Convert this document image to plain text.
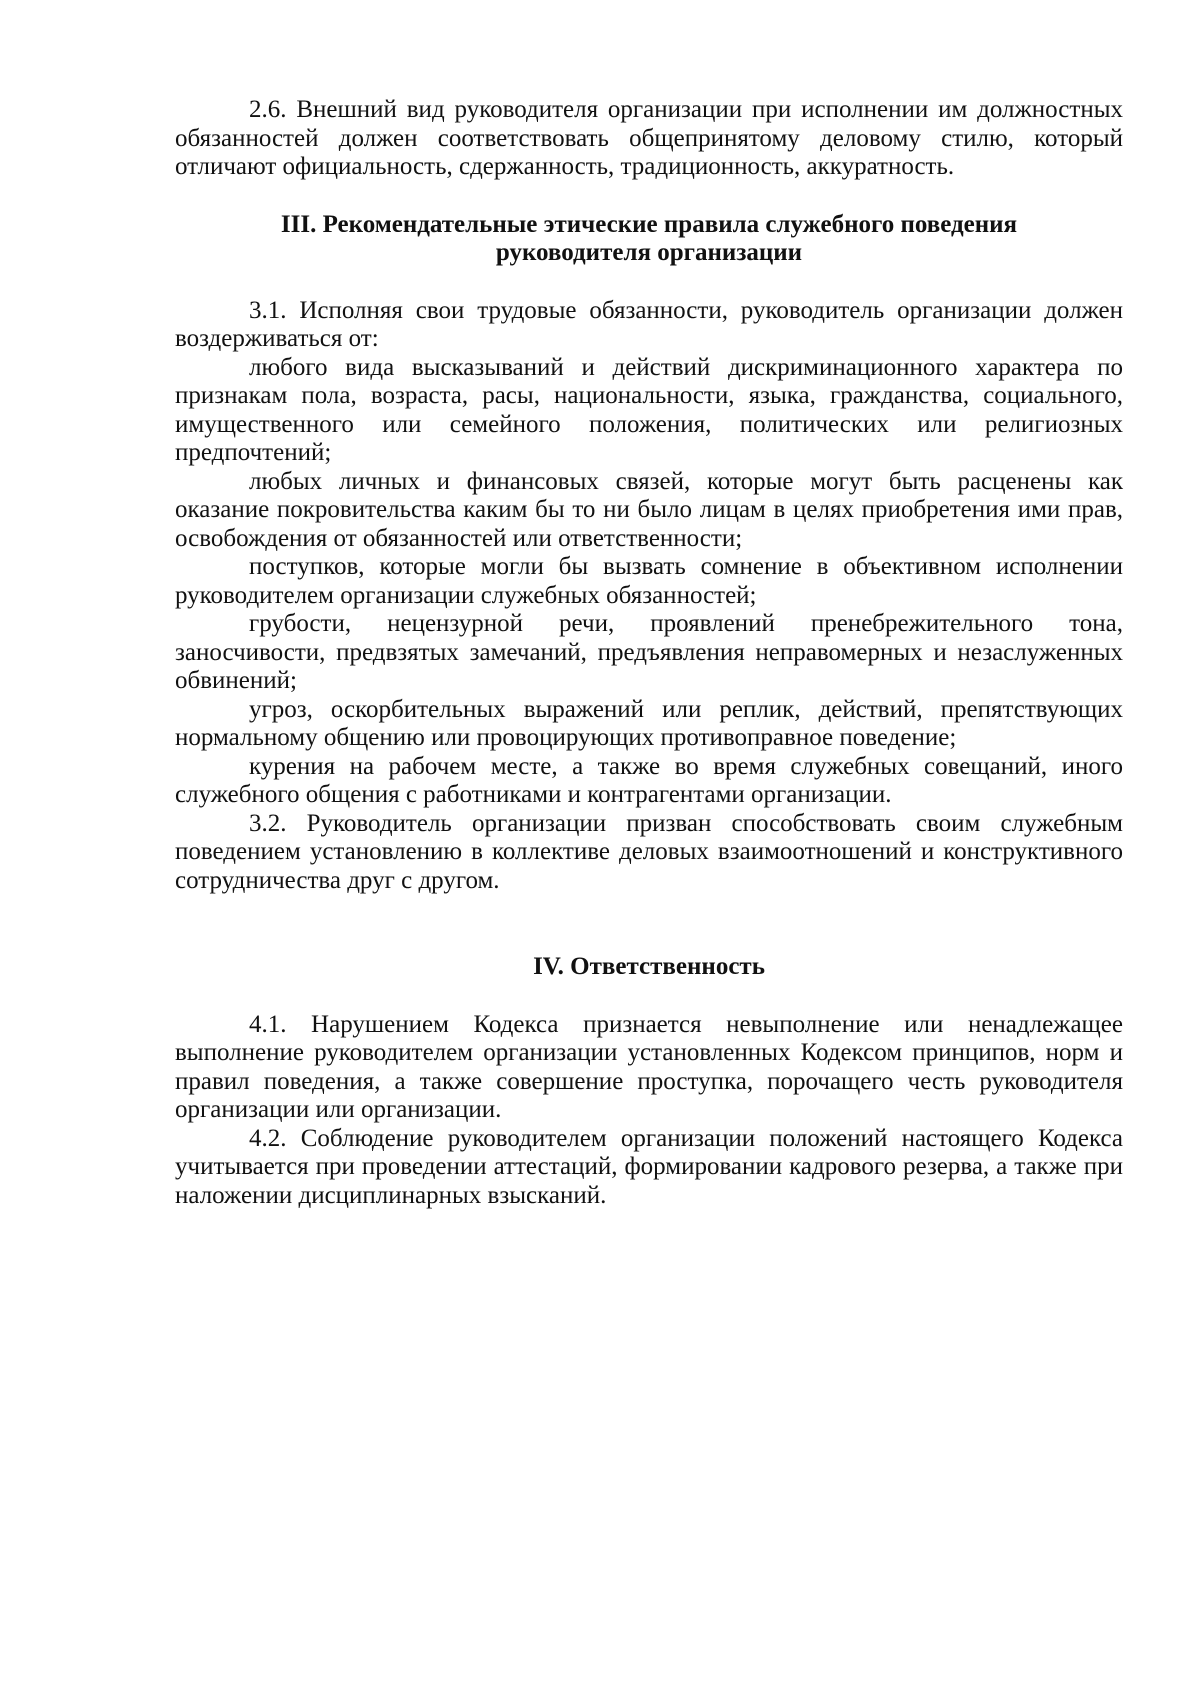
2.6. Внешний вид руководителя организации при исполнении им должностных обязанностей должен соответствовать общепринятому деловому стилю, который отличают официальность, сдержанность, традиционность, аккуратность.

III. Рекомендательные этические правила служебного поведения
руководителя организации

3.1. Исполняя свои трудовые обязанности, руководитель организации должен воздерживаться от:

любого вида высказываний и действий дискриминационного характера по признакам пола, возраста, расы, национальности, языка, гражданства, социального, имущественного или семейного положения, политических или религиозных предпочтений;

любых личных и финансовых связей, которые могут быть расценены как оказание покровительства каким бы то ни было лицам в целях приобретения ими прав, освобождения от обязанностей или ответственности;

поступков, которые могли бы вызвать сомнение в объективном исполнении руководителем организации служебных обязанностей;

грубости, нецензурной речи, проявлений пренебрежительного тона, заносчивости, предвзятых замечаний, предъявления неправомерных и незаслуженных обвинений;

угроз, оскорбительных выражений или реплик, действий, препятствующих нормальному общению или провоцирующих противоправное поведение;

курения на рабочем месте, а также во время служебных совещаний, иного служебного общения с работниками и контрагентами организации.

3.2. Руководитель организации призван способствовать своим служебным поведением установлению в коллективе деловых взаимоотношений и конструктивного сотрудничества друг с другом.

IV. Ответственность

4.1. Нарушением Кодекса признается невыполнение или ненадлежащее выполнение руководителем организации установленных Кодексом принципов, норм и правил поведения, а также совершение проступка, порочащего честь руководителя организации или организации.

4.2. Соблюдение руководителем организации положений настоящего Кодекса учитывается при проведении аттестаций, формировании кадрового резерва, а также при наложении дисциплинарных взысканий.
